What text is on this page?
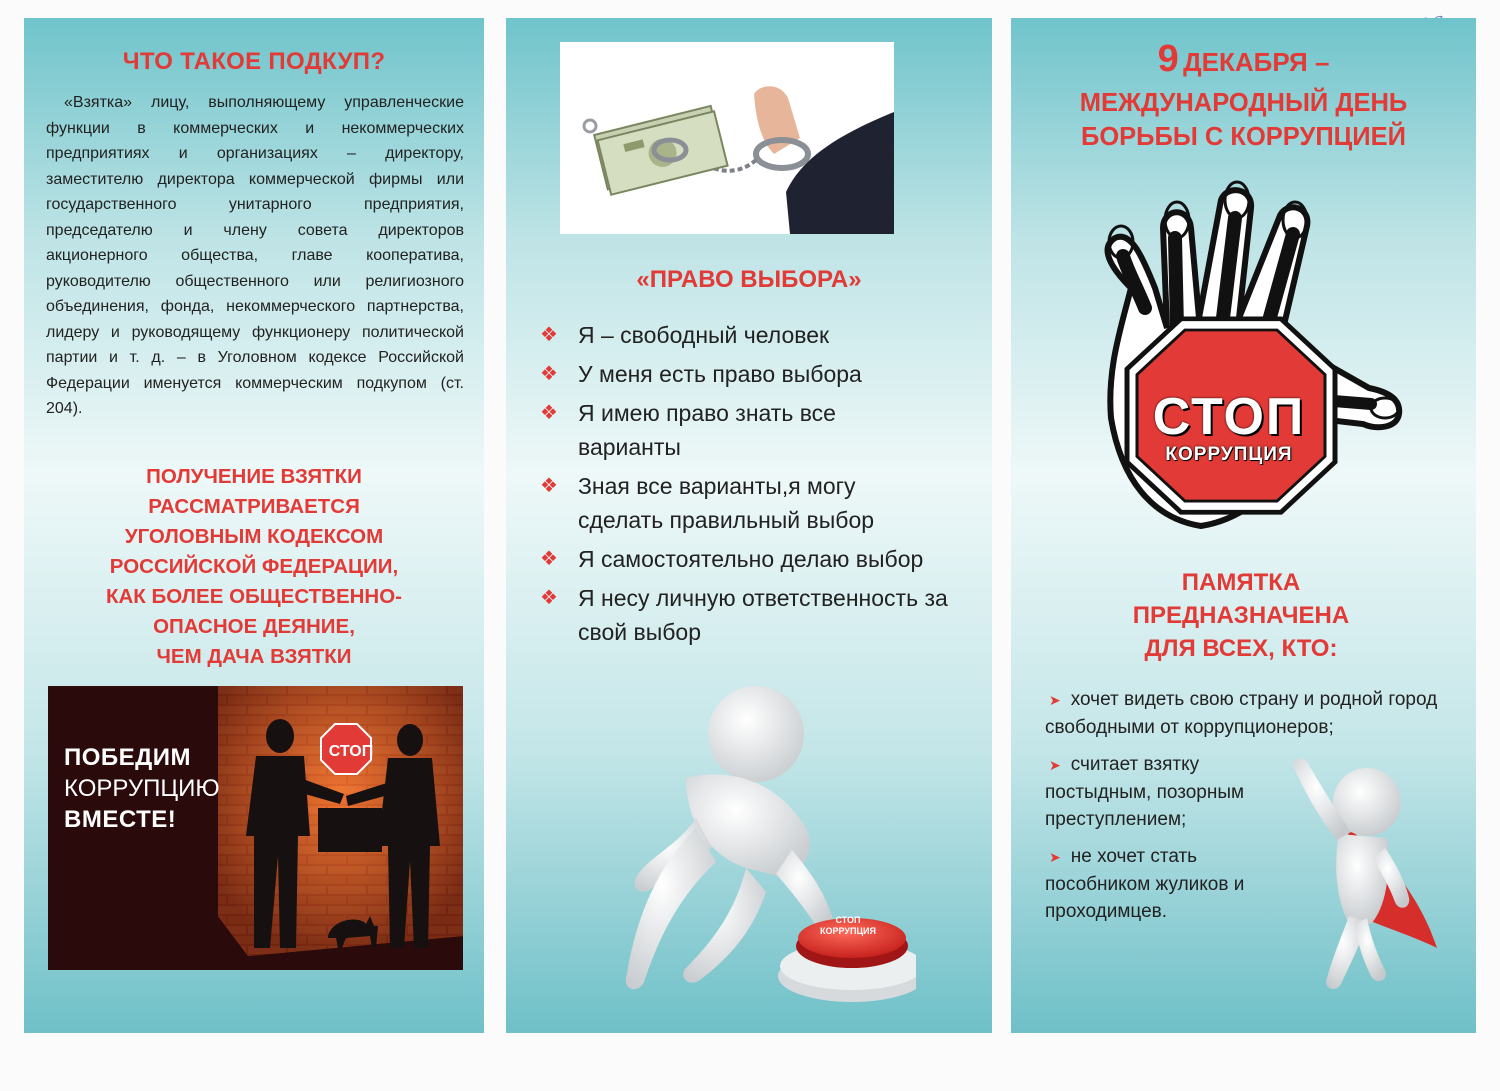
ЧТО ТАКОЕ ПОДКУП?

«Взятка» лицу, выполняющему управленческие функции в коммерческих и некоммерческих предприятиях и организациях – директору, заместителю директора коммерческой фирмы или государственного унитарного предприятия, председателю и члену совета директоров акционерного общества, главе кооператива, руководителю общественного или религиозного объединения, фонда, некоммерческого партнерства, лидеру и руководящему функционеру политической партии и т. д. – в Уголовном кодексе Российской Федерации именуется коммерческим подкупом (ст. 204).

ПОЛУЧЕНИЕ ВЗЯТКИ
РАССМАТРИВАЕТСЯ
УГОЛОВНЫМ КОДЕКСОМ
РОССИЙСКОЙ ФЕДЕРАЦИИ,
КАК БОЛЕЕ ОБЩЕСТВЕННО-
ОПАСНОЕ ДЕЯНИЕ,
ЧЕМ ДАЧА ВЗЯТКИ
ПОБЕДИМ
КОРРУПЦИЮ
ВМЕСТЕ!
СТОП
«ПРАВО ВЫБОРА»
❖ Я – свободный человек
❖ У меня есть право выбора
❖ Я имею право знать все варианты
❖ Зная все варианты,я могу сделать правильный выбор
❖ Я самостоятельно делаю выбор
❖ Я несу личную ответственность за свой выбор
СТОП
КОРРУПЦИЯ
9 ДЕКАБРЯ –
МЕЖДУНАРОДНЫЙ ДЕНЬ
БОРЬБЫ С КОРРУПЦИЕЙ
СТОП
КОРРУПЦИЯ
ПАМЯТКА
ПРЕДНАЗНАЧЕНА
ДЛЯ ВСЕХ, КТО:
➤ хочет видеть свою страну и родной город свободными от коррупционеров;
➤ считает взятку постыдным, позорным преступлением;
➤ не хочет стать пособником жуликов и проходимцев.
